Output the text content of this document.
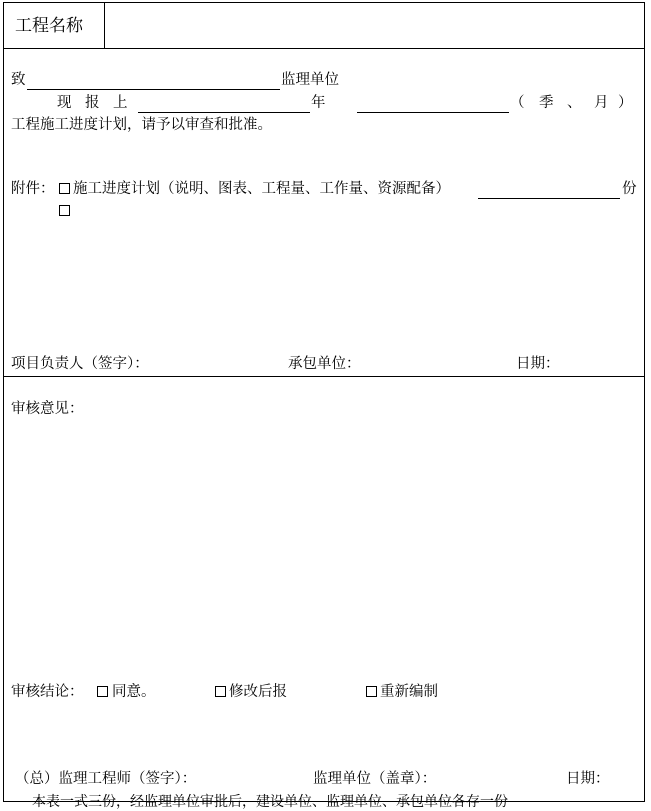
工程名称
致	监理单位
现 报 上	年	（ 季 、 月 ）
工程施工进度计划，请予以审查和批准。
附件： 施工进度计划（说明、图表、工程量、工作量、资源配备）	份
项目负责人（签字）：	承包单位：	日期：
审核意见：
审核结论： 同意。	修改后报	重新编制
（总）监理工程师（签字）：	监理单位（盖章）：	日期：
本表一式三份，经监理单位审批后，建设单位、监理单位、承包单位各存一份
